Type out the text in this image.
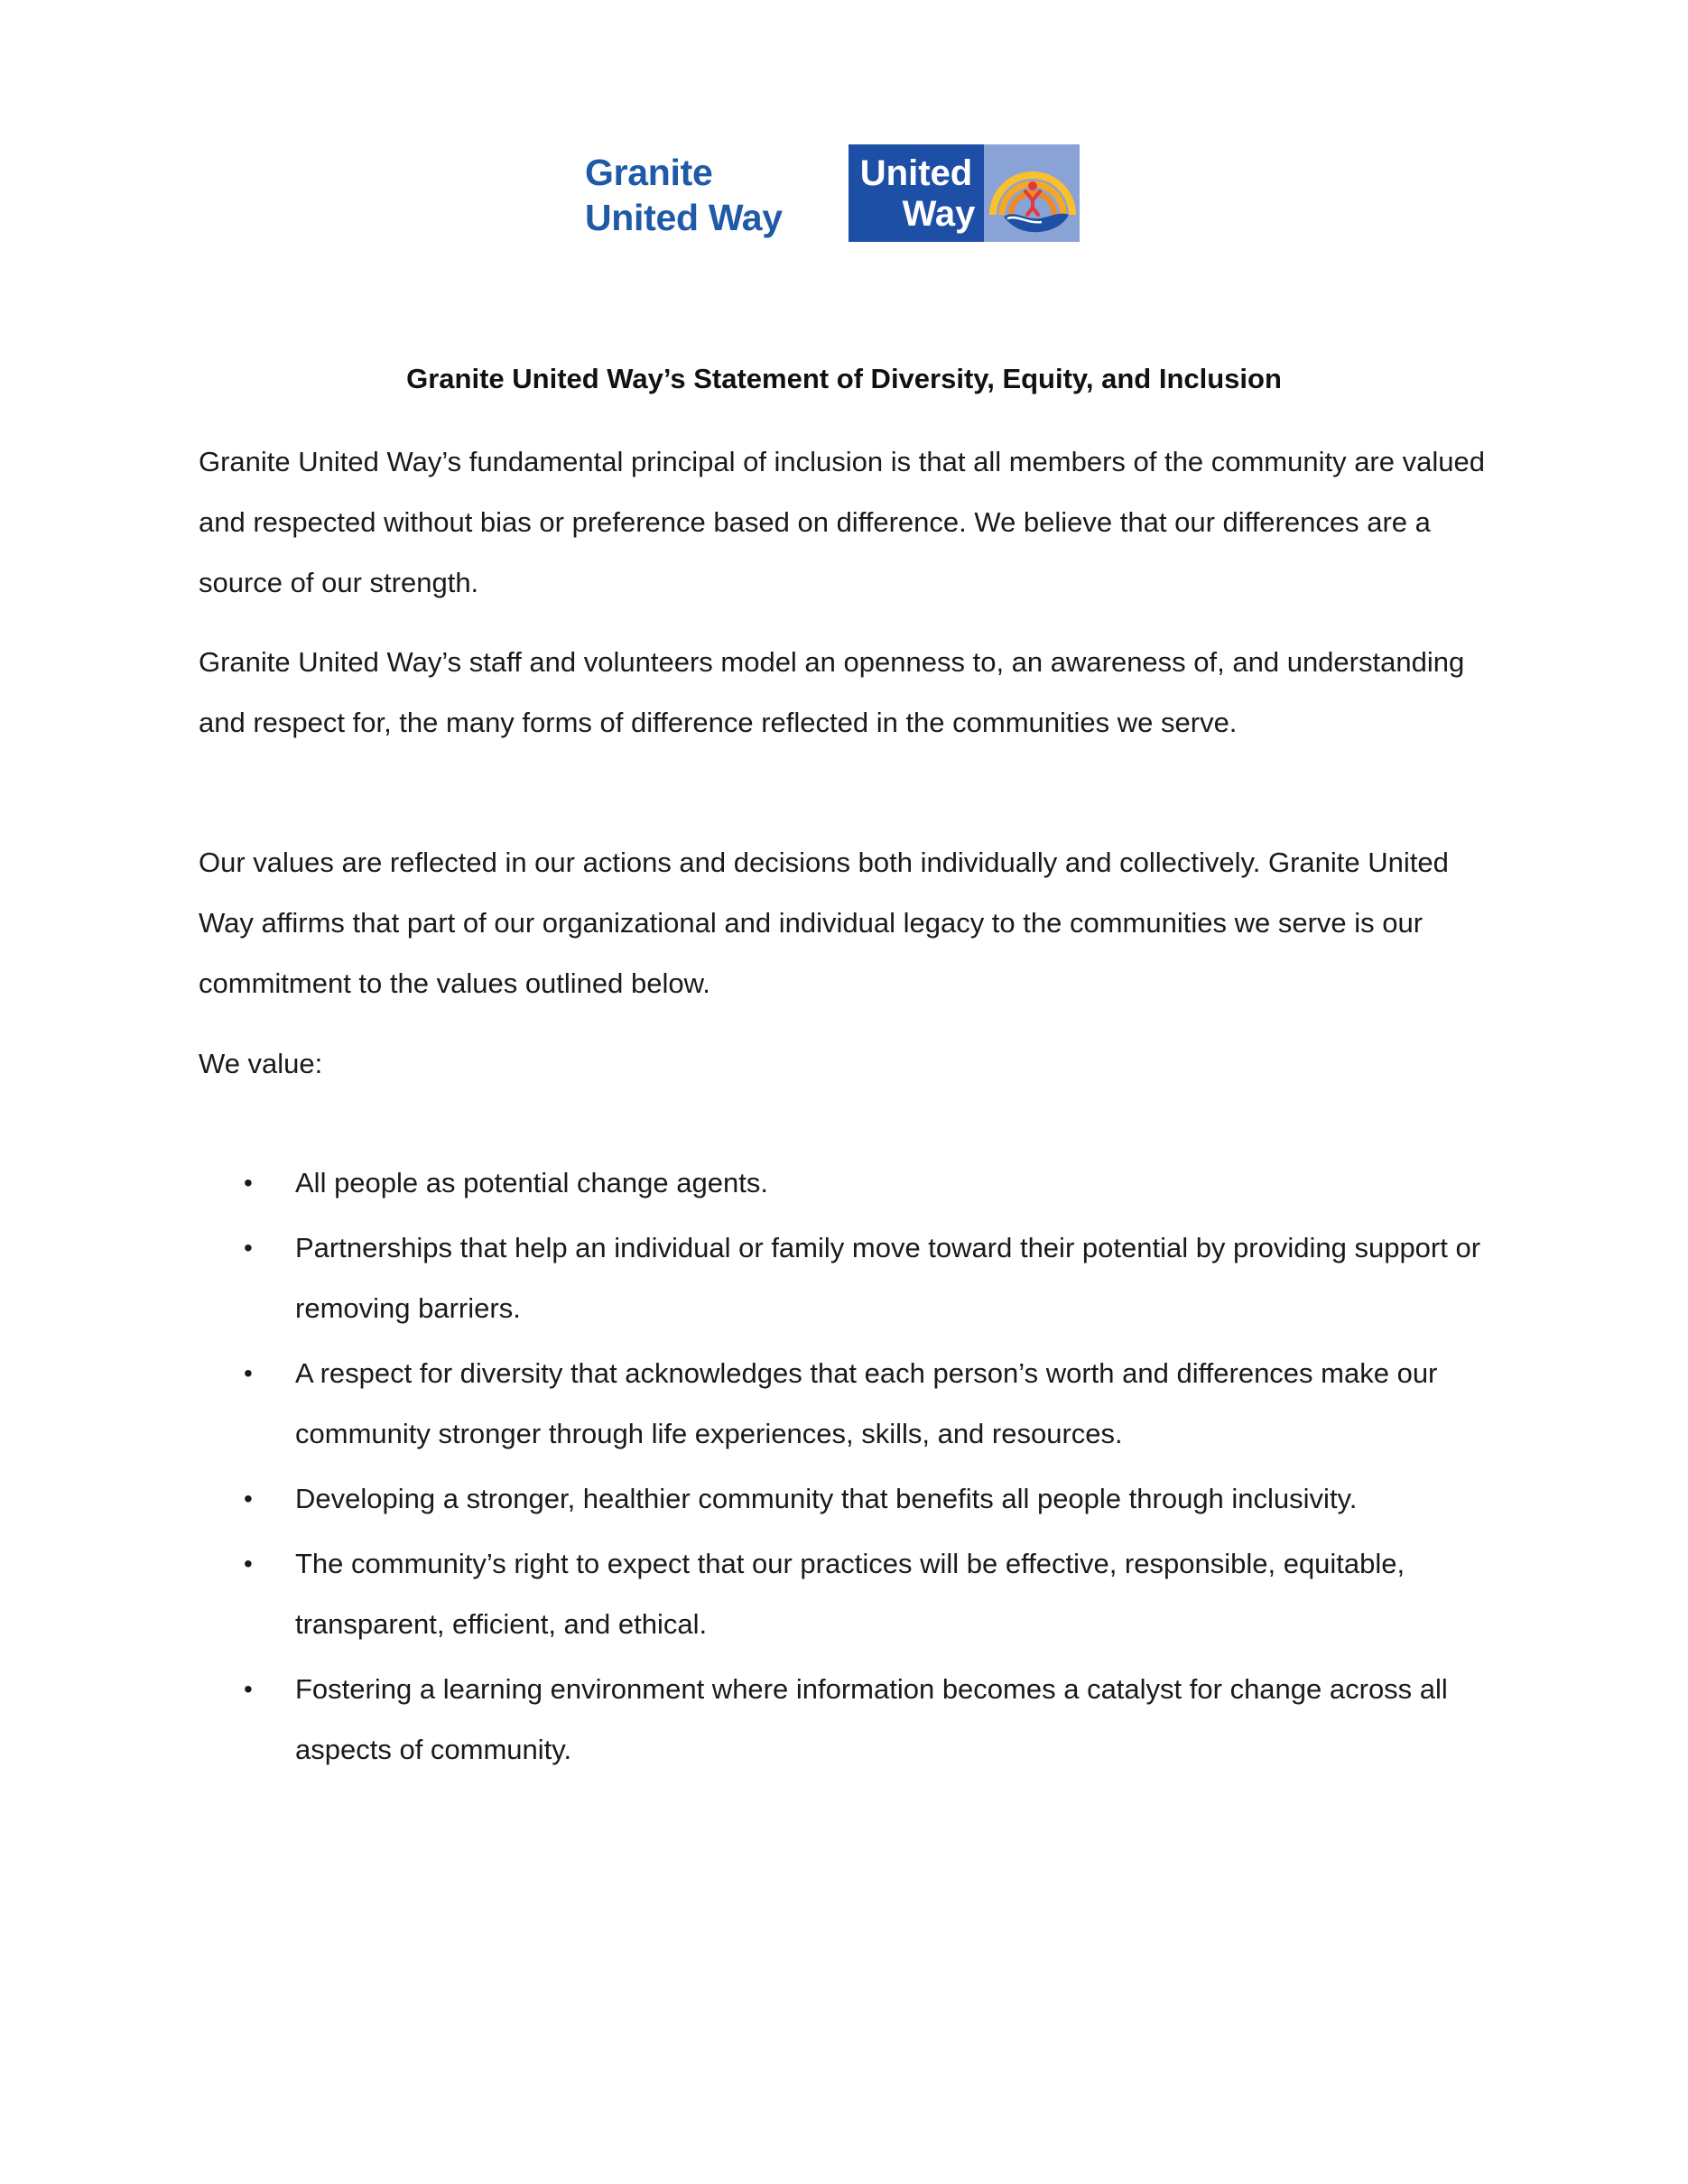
Granite
United Way
United
Way
Granite United Way’s Statement of Diversity, Equity, and Inclusion
Granite United Way’s fundamental principal of inclusion is that all members of the community are valued and respected without bias or preference based on difference. We believe that our differences are a source of our strength.
Granite United Way’s staff and volunteers model an openness to, an awareness of, and understanding and respect for, the many forms of difference reflected in the communities we serve.
Our values are reflected in our actions and decisions both individually and collectively. Granite United Way affirms that part of our organizational and individual legacy to the communities we serve is our commitment to the values outlined below.
We value:
• All people as potential change agents.
• Partnerships that help an individual or family move toward their potential by providing support or removing barriers.
• A respect for diversity that acknowledges that each person’s worth and differences make our community stronger through life experiences, skills, and resources.
• Developing a stronger, healthier community that benefits all people through inclusivity.
• The community’s right to expect that our practices will be effective, responsible, equitable, transparent, efficient, and ethical.
• Fostering a learning environment where information becomes a catalyst for change across all aspects of community.
